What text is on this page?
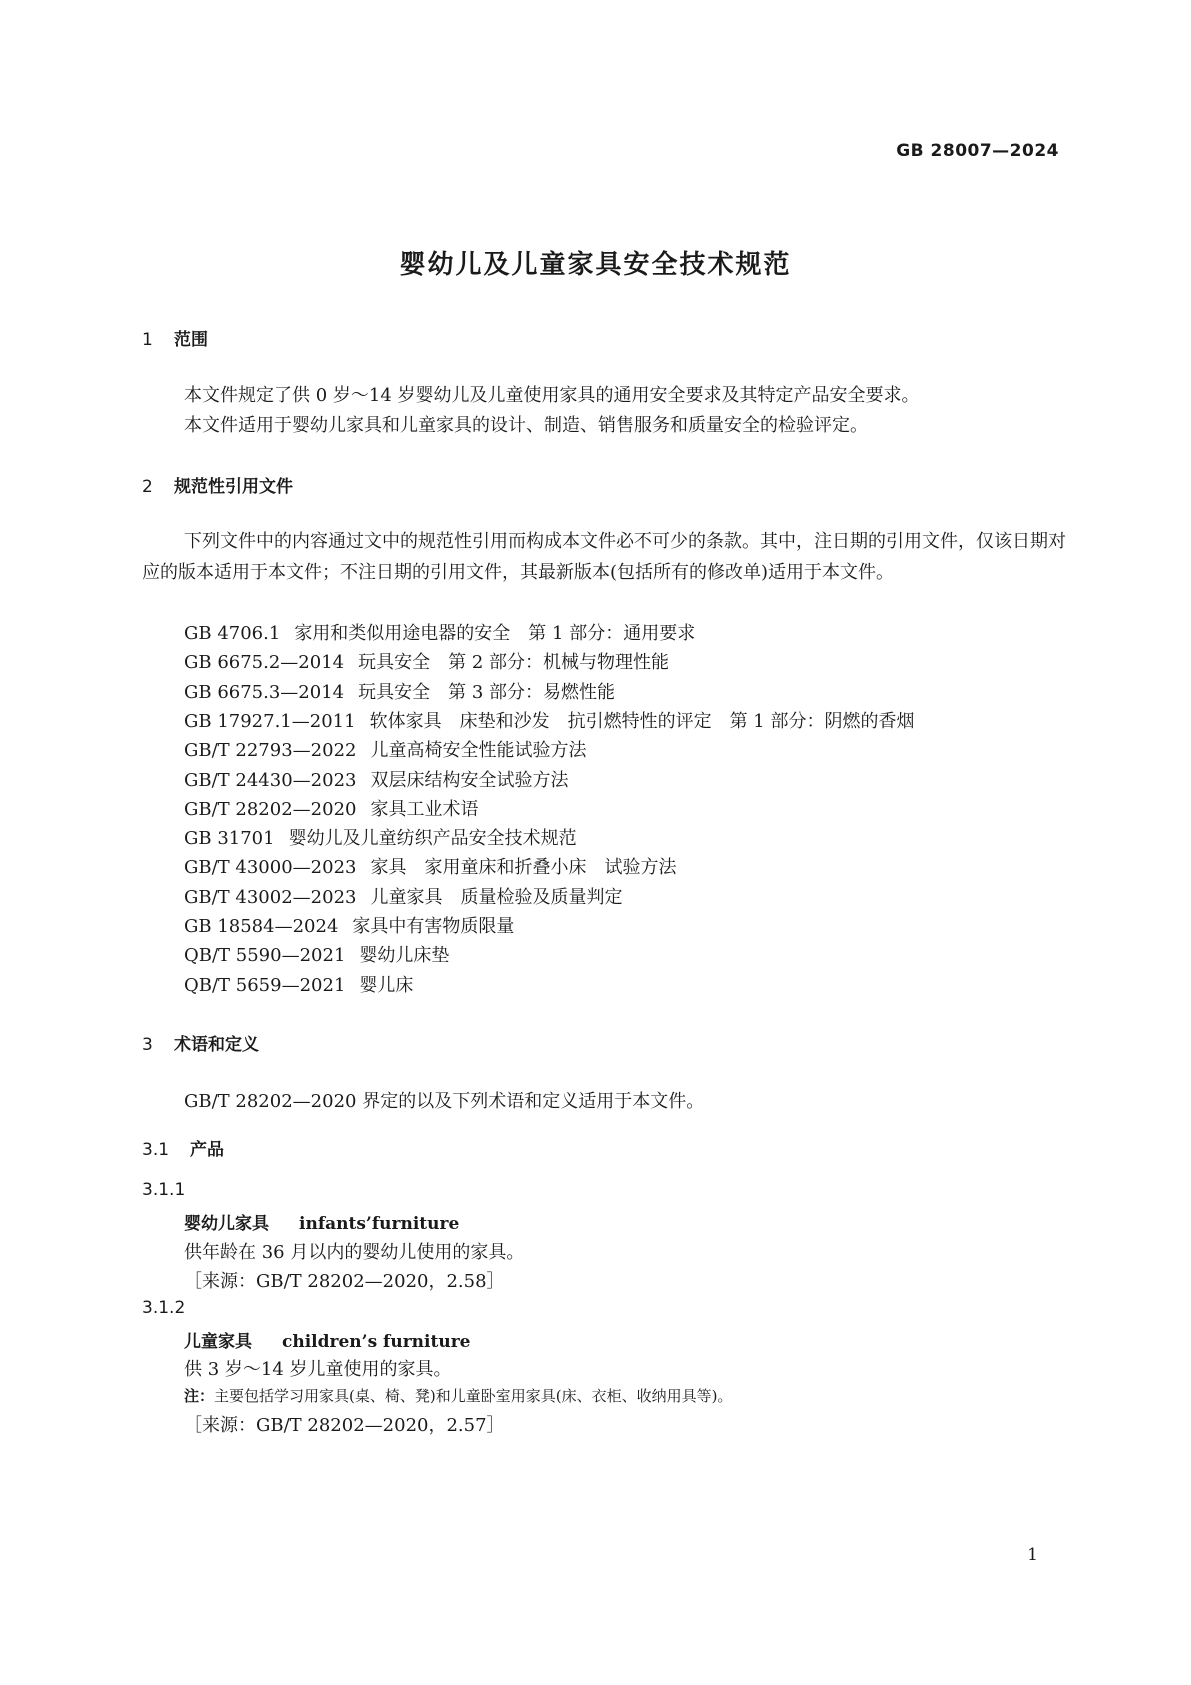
GB 28007—2024
婴幼儿及儿童家具安全技术规范
1 范围
本文件规定了供 0 岁～14 岁婴幼儿及儿童使用家具的通用安全要求及其特定产品安全要求。
本文件适用于婴幼儿家具和儿童家具的设计、制造、销售服务和质量安全的检验评定。
2 规范性引用文件
下列文件中的内容通过文中的规范性引用而构成本文件必不可少的条款。其中，注日期的引用文件，仅该日期对应的版本适用于本文件；不注日期的引用文件，其最新版本(包括所有的修改单)适用于本文件。
GB 4706.1 家用和类似用途电器的安全　第 1 部分：通用要求
GB 6675.2—2014 玩具安全　第 2 部分：机械与物理性能
GB 6675.3—2014 玩具安全　第 3 部分：易燃性能
GB 17927.1—2011 软体家具　床垫和沙发　抗引燃特性的评定　第 1 部分：阴燃的香烟
GB/T 22793—2022 儿童高椅安全性能试验方法
GB/T 24430—2023 双层床结构安全试验方法
GB/T 28202—2020 家具工业术语
GB 31701 婴幼儿及儿童纺织产品安全技术规范
GB/T 43000—2023 家具　家用童床和折叠小床　试验方法
GB/T 43002—2023 儿童家具　质量检验及质量判定
GB 18584—2024 家具中有害物质限量
QB/T 5590—2021 婴幼儿床垫
QB/T 5659—2021 婴儿床
3 术语和定义
GB/T 28202—2020 界定的以及下列术语和定义适用于本文件。
3.1 产品
3.1.1
婴幼儿家具 infants’furniture
供年龄在 36 月以内的婴幼儿使用的家具。
［来源：GB/T 28202—2020，2.58］
3.1.2
儿童家具 children’s furniture
供 3 岁～14 岁儿童使用的家具。
注：主要包括学习用家具(桌、椅、凳)和儿童卧室用家具(床、衣柜、收纳用具等)。
［来源：GB/T 28202—2020，2.57］
1
